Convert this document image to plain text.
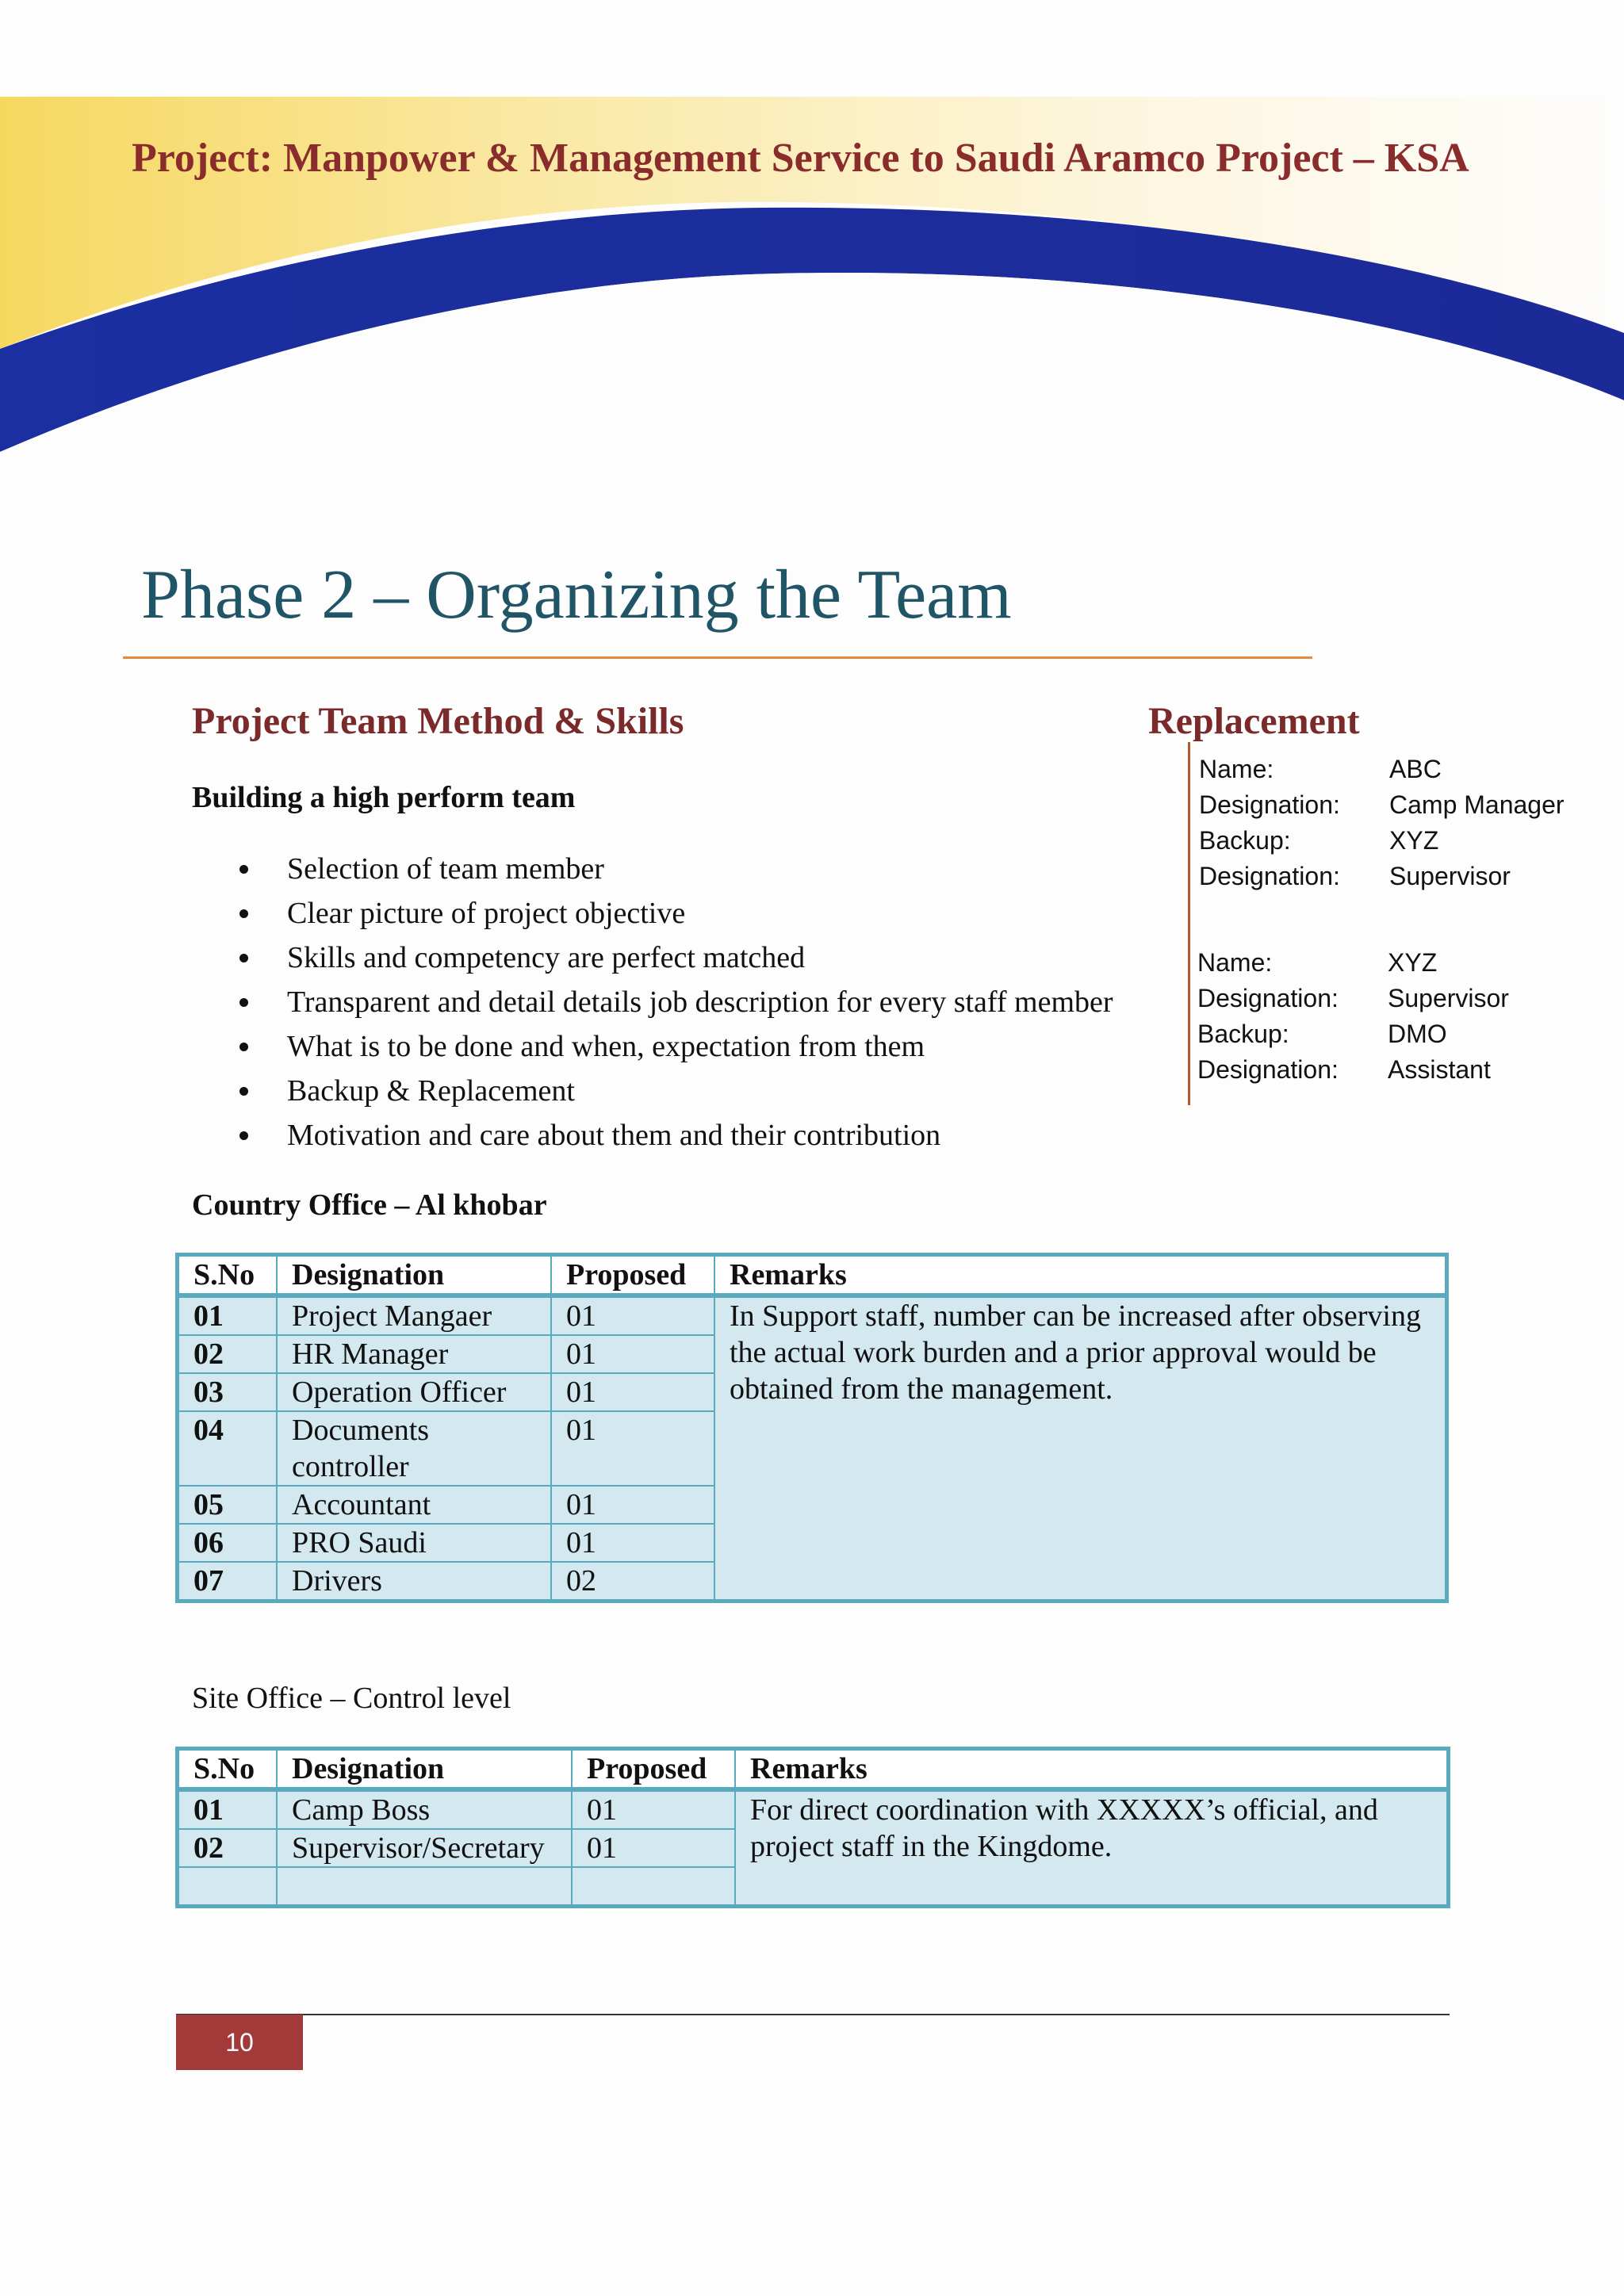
Project: Manpower & Management Service to Saudi Aramco Project – KSA
Phase 2 – Organizing the Team
Project Team Method & Skills
Building a high perform team
Selection of team member
Clear picture of project objective
Skills and competency are perfect matched
Transparent and detail details job description for every staff member
What is to be done and when, expectation from them
Backup & Replacement
Motivation and care about them and their contribution
Replacement
Name:	ABC
Designation: Camp Manager
Backup:	XYZ
Designation: Supervisor
Name:	XYZ
Designation: Supervisor
Backup:	DMO
Designation: Assistant
Country Office – Al khobar
S.No	Designation	Proposed	Remarks
01	Project Mangaer	01	In Support staff, number can be increased after observing the actual work burden and a prior approval would be obtained from the management.
02	HR Manager	01	
03	Operation Officer	01	
04	Documents controller	01	
05	Accountant	01	
06	PRO Saudi	01	
07	Drivers	02	
Site Office – Control level
S.No	Designation	Proposed	Remarks
01	Camp Boss	01	For direct coordination with XXXXX’s official, and project staff in the Kingdome.
02	Supervisor/Secretary	01	

10
